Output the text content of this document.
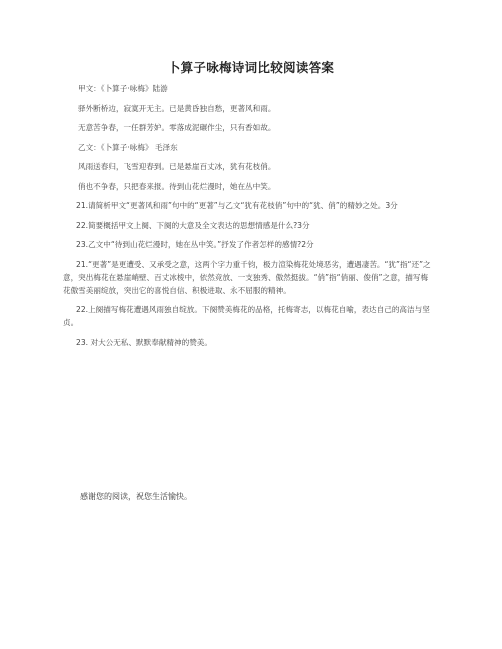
卜算子咏梅诗词比较阅读答案

甲文：《卜算子·咏梅》陆游

驿外断桥边，寂寞开无主。已是黄昏独自愁，更著风和雨。

无意苦争春，一任群芳妒。零落成泥碾作尘，只有香如故。

乙文：《卜算子·咏梅》 毛泽东

风雨送春归，飞雪迎春到。已是悬崖百丈冰，犹有花枝俏。

俏也不争春，只把春来报。待到山花烂漫时，她在丛中笑。

21.请简析甲文“更著风和雨”句中的“更著”与乙文“犹有花枝俏”句中的“犹、俏”的精妙之处。3分

22.简要概括甲文上阕、下阕的大意及全文表达的思想情感是什么?3分

23.乙文中“待到山花烂漫时，她在丛中笑。”抒发了作者怎样的感情?2分

21.“更著”是更遭受、又承受之意，这两个字力重千钧，极力渲染梅花处境恶劣，遭遇凄苦。“犹”指“还”之意，突出梅花在悬崖峭壁、百丈冰棱中，依然竞放、一支独秀、傲然挺拔。“俏”指“俏丽、俊俏”之意，描写梅花傲雪美丽绽放，突出它的喜悦自信、积极进取、永不屈服的精神。

22.上阕描写梅花遭遇风雨独自绽放。下阕赞美梅花的品格，托梅寄志，以梅花自喻，表达自己的高洁与坚贞。

23. 对大公无私、默默奉献精神的赞美。

感谢您的阅读，祝您生活愉快。
